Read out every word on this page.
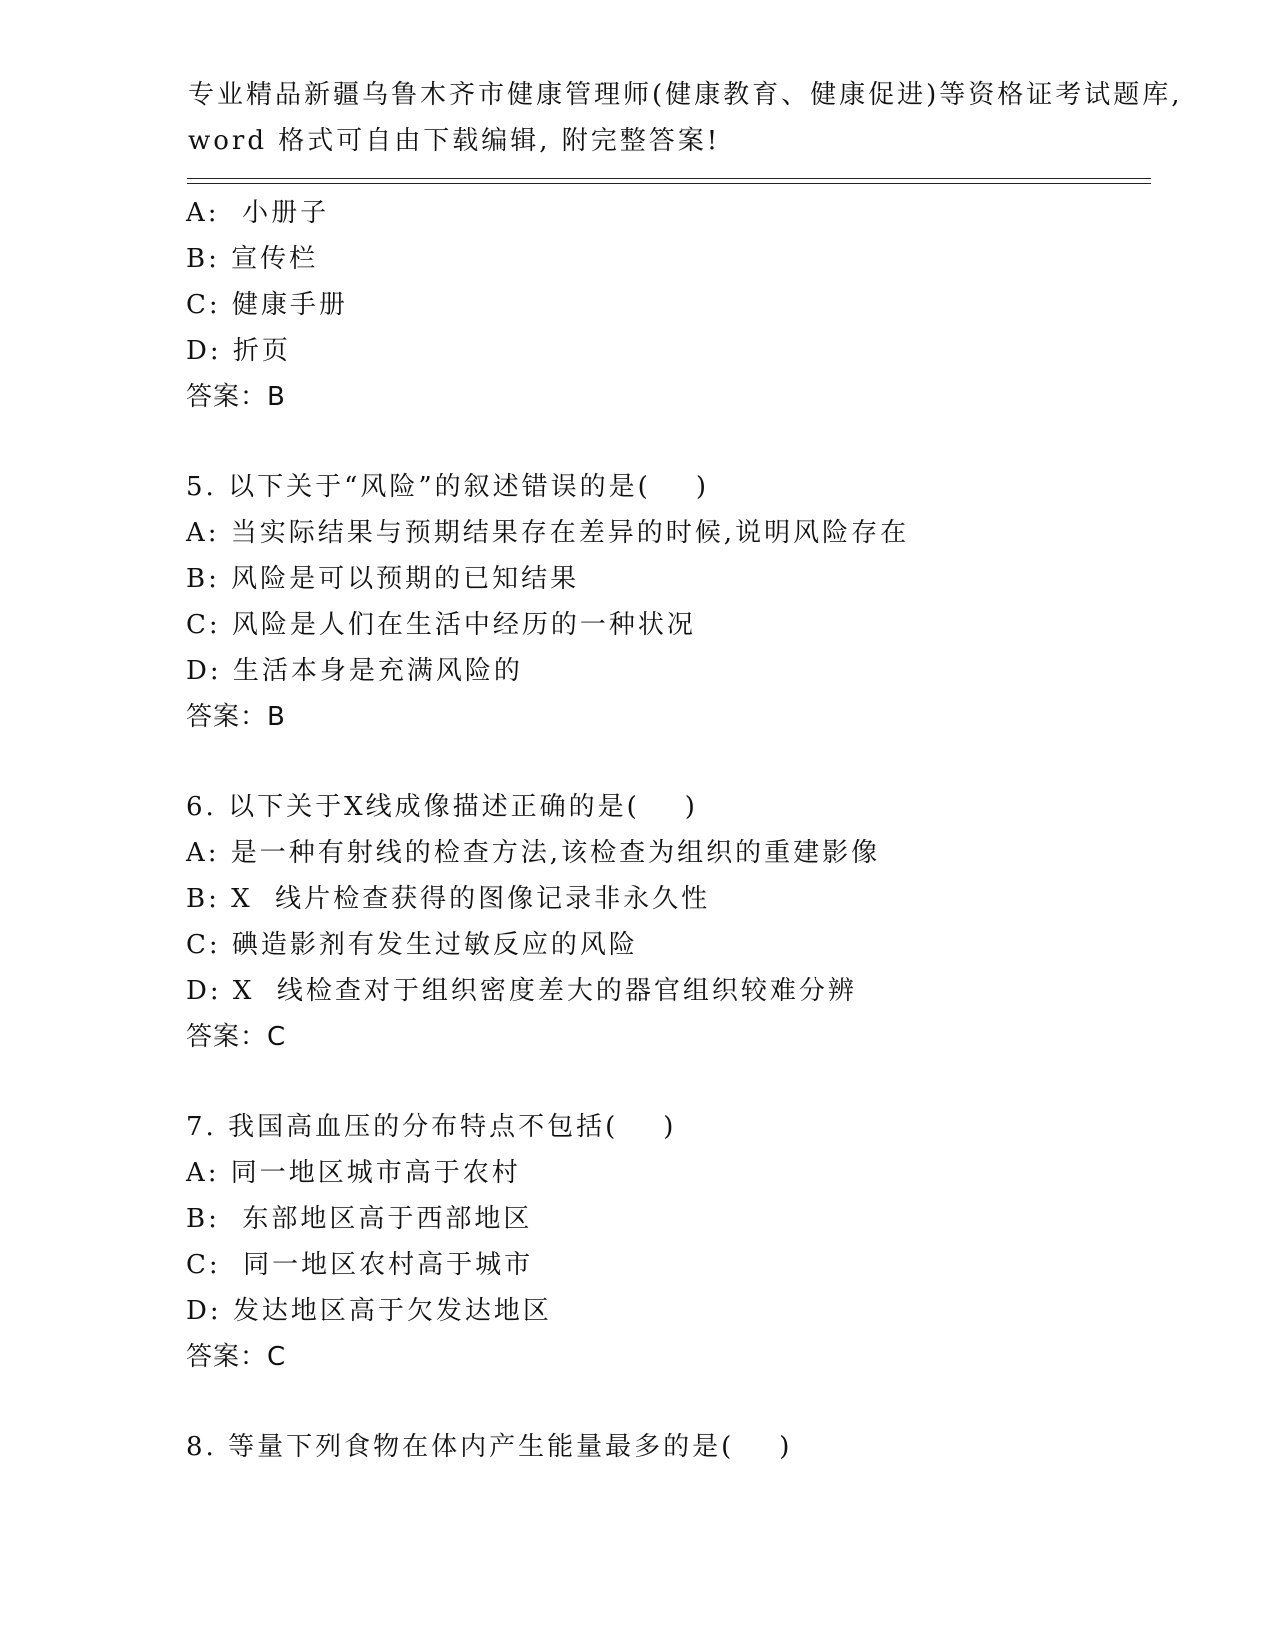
专业精品新疆乌鲁木齐市健康管理师(健康教育、健康促进)等资格证考试题库,
word 格式可自由下载编辑, 附完整答案!
A:  小册子
B: 宣传栏
C: 健康手册
D: 折页
答案：B
5. 以下关于“风险”的叙述错误的是(    )
A: 当实际结果与预期结果存在差异的时候,说明风险存在
B: 风险是可以预期的已知结果
C: 风险是人们在生活中经历的一种状况
D: 生活本身是充满风险的
答案：B
6. 以下关于X线成像描述正确的是(    )
A: 是一种有射线的检查方法,该检查为组织的重建影像
B: X  线片检查获得的图像记录非永久性
C: 碘造影剂有发生过敏反应的风险
D: X  线检查对于组织密度差大的器官组织较难分辨
答案：C
7. 我国高血压的分布特点不包括(    )
A: 同一地区城市高于农村
B:  东部地区高于西部地区
C:  同一地区农村高于城市
D: 发达地区高于欠发达地区
答案：C
8. 等量下列食物在体内产生能量最多的是(    )
